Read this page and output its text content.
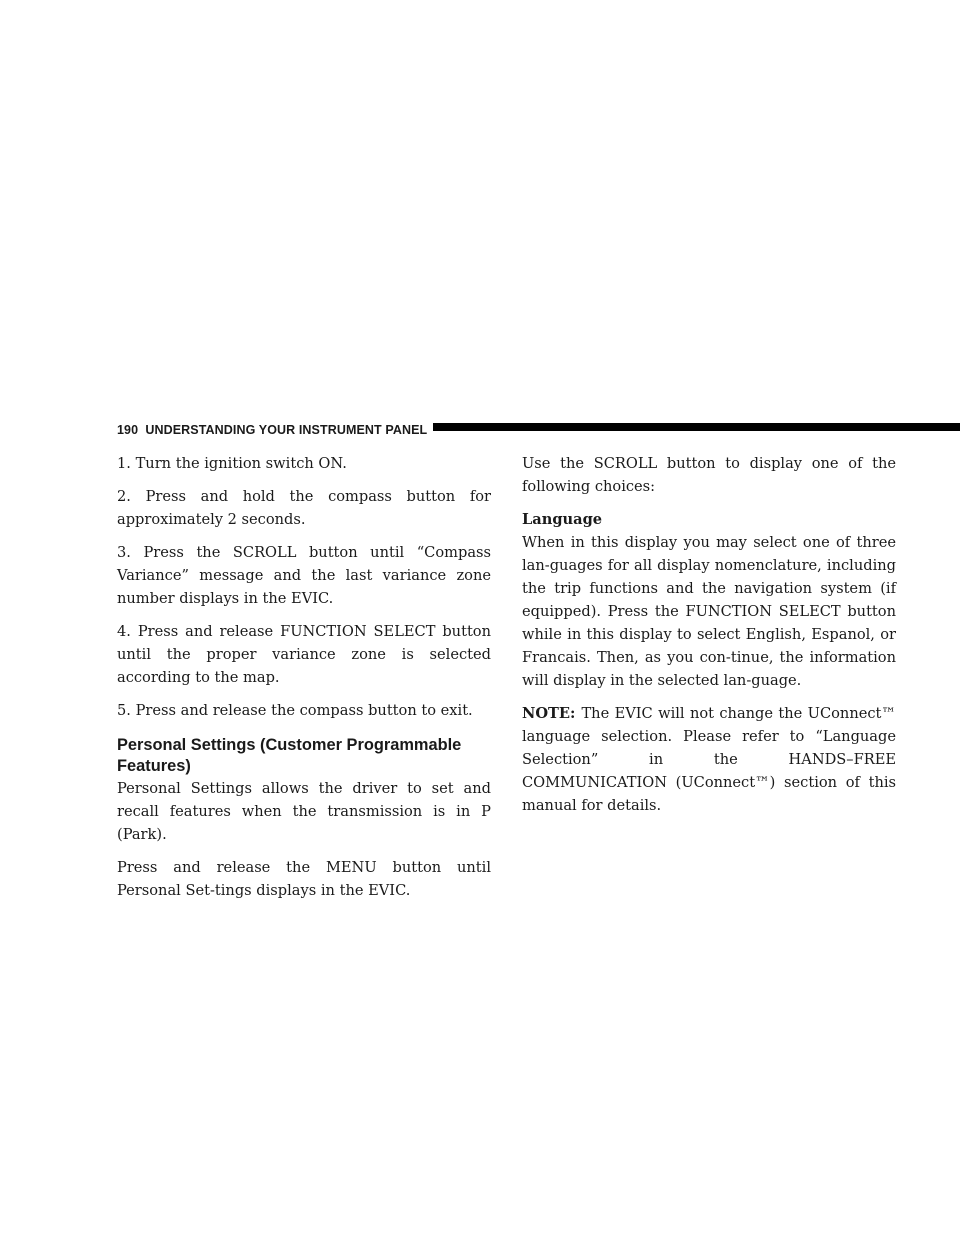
190 UNDERSTANDING YOUR INSTRUMENT PANEL

1. Turn the ignition switch ON.

2. Press and hold the compass button for approximately 2 seconds.

3. Press the SCROLL button until “Compass Variance” message and the last variance zone number displays in the EVIC.

4. Press and release FUNCTION SELECT button until the proper variance zone is selected according to the map.

5. Press and release the compass button to exit.

Personal Settings (Customer Programmable Features)

Personal Settings allows the driver to set and recall features when the transmission is in P (Park).

Press and release the MENU button until Personal Set-tings displays in the EVIC.

Use the SCROLL button to display one of the following choices:

Language

When in this display you may select one of three lan-guages for all display nomenclature, including the trip functions and the navigation system (if equipped). Press the FUNCTION SELECT button while in this display to select English, Espanol, or Francais. Then, as you con-tinue, the information will display in the selected lan-guage.

NOTE: The EVIC will not change the UConnect™ language selection. Please refer to “Language Selection” in the HANDS–FREE COMMUNICATION (UConnect™) section of this manual for details.
